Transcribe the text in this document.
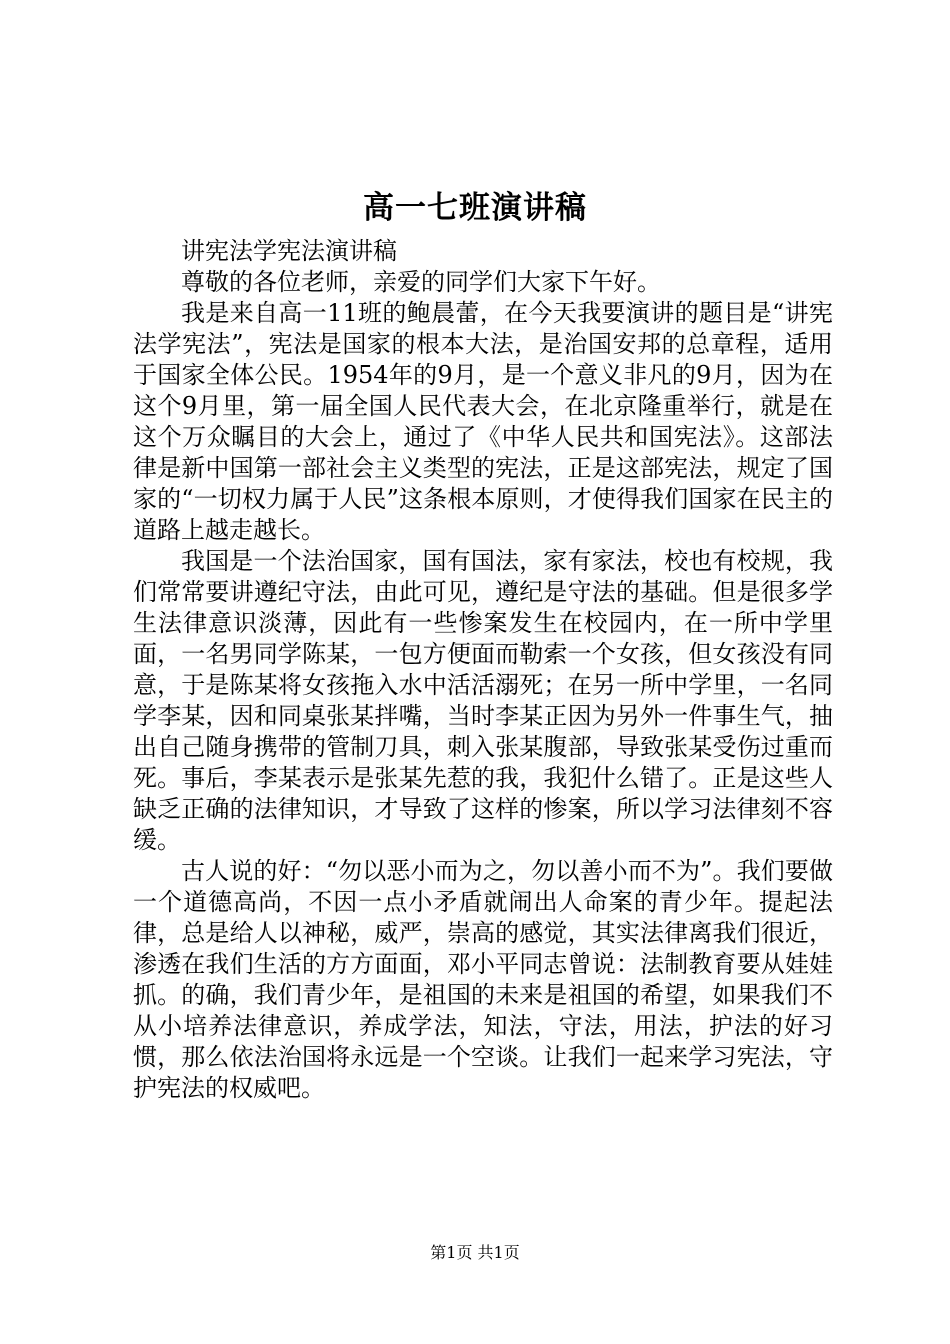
高一七班演讲稿

讲宪法学宪法演讲稿

尊敬的各位老师，亲爱的同学们大家下午好。

我是来自高一11班的鲍晨蕾，在今天我要演讲的题目是“讲宪法学宪法”，宪法是国家的根本大法，是治国安邦的总章程，适用于国家全体公民。1954年的9月，是一个意义非凡的9月，因为在这个9月里，第一届全国人民代表大会，在北京隆重举行，就是在这个万众瞩目的大会上，通过了《中华人民共和国宪法》。这部法律是新中国第一部社会主义类型的宪法，正是这部宪法，规定了国家的“一切权力属于人民”这条根本原则，才使得我们国家在民主的道路上越走越长。

我国是一个法治国家，国有国法，家有家法，校也有校规，我们常常要讲遵纪守法，由此可见，遵纪是守法的基础。但是很多学生法律意识淡薄，因此有一些惨案发生在校园内，在一所中学里面，一名男同学陈某，一包方便面而勒索一个女孩，但女孩没有同意，于是陈某将女孩拖入水中活活溺死；在另一所中学里，一名同学李某，因和同桌张某拌嘴，当时李某正因为另外一件事生气，抽出自己随身携带的管制刀具，刺入张某腹部，导致张某受伤过重而死。事后，李某表示是张某先惹的我，我犯什么错了。正是这些人缺乏正确的法律知识，才导致了这样的惨案，所以学习法律刻不容缓。

古人说的好：“勿以恶小而为之，勿以善小而不为”。我们要做一个道德高尚，不因一点小矛盾就闹出人命案的青少年。提起法律，总是给人以神秘，威严，崇高的感觉，其实法律离我们很近，渗透在我们生活的方方面面，邓小平同志曾说：法制教育要从娃娃抓。的确，我们青少年，是祖国的未来是祖国的希望，如果我们不从小培养法律意识，养成学法，知法，守法，用法，护法的好习惯，那么依法治国将永远是一个空谈。让我们一起来学习宪法，守护宪法的权威吧。

第1页 共1页
